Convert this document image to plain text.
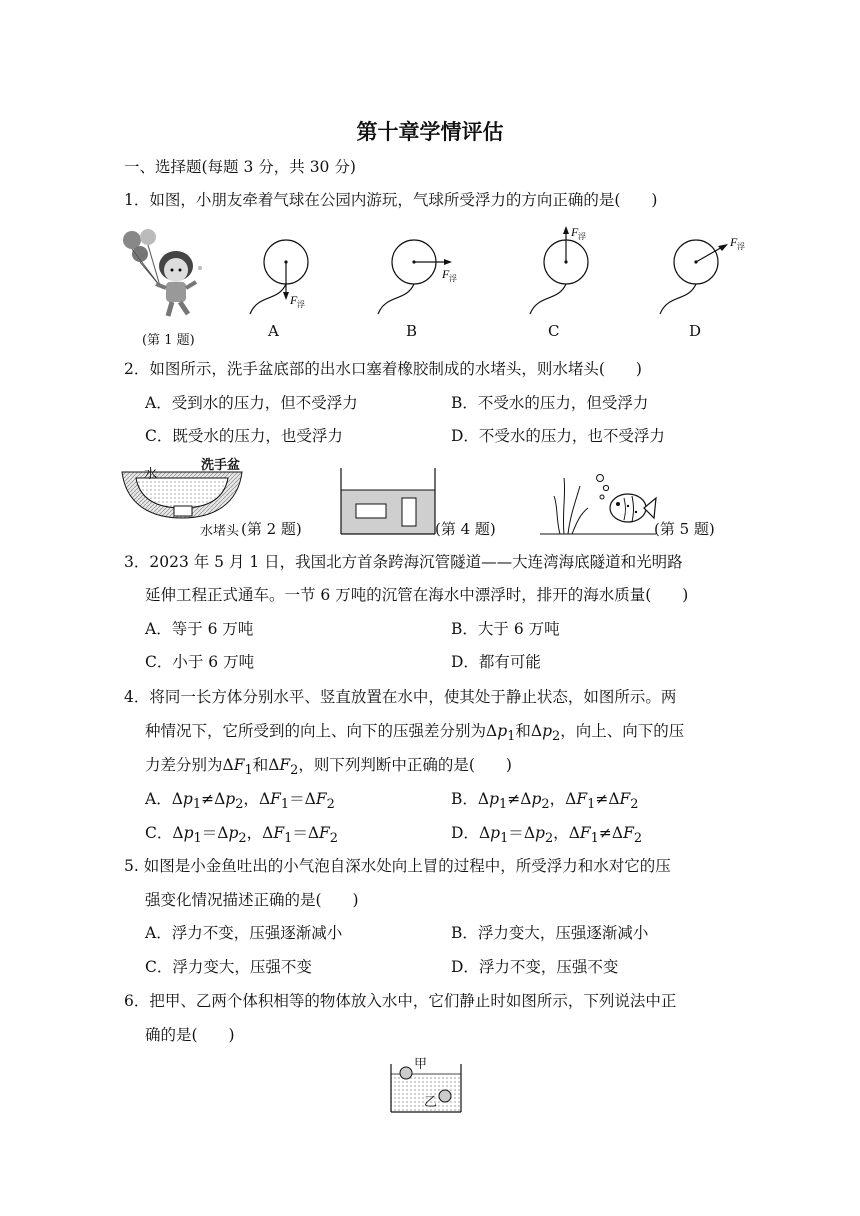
第十章学情评估
一、选择题(每题 3 分，共 30 分)
1．如图，小朋友牵着气球在公园内游玩，气球所受浮力的方向正确的是(　　)
(第 1 题)
F 浮
A
F 浮
B
F 浮
C
F 浮
D
2．如图所示，洗手盆底部的出水口塞着橡胶制成的水堵头，则水堵头(　　)
A．受到水的压力，但不受浮力	B．不受水的压力，但受浮力
C．既受水的压力，也受浮力	D．不受水的压力，也不受浮力
水
洗手盆
水堵头 (第 2 题)	(第 4 题)	(第 5 题)
3．2023 年 5 月 1 日，我国北方首条跨海沉管隧道——大连湾海底隧道和光明路
延伸工程正式通车。一节 6 万吨的沉管在海水中漂浮时，排开的海水质量(　　)
A．等于 6 万吨	B．大于 6 万吨
C．小于 6 万吨	D．都有可能
4．将同一长方体分别水平、竖直放置在水中，使其处于静止状态，如图所示。两
种情况下，它所受到的向上、向下的压强差分别为$\Delta p_1$和$\Delta p_2$，向上、向下的压
力差分别为$\Delta F_1$和$\Delta F_2$，则下列判断中正确的是(　　)
A．$\Delta p_1\ne\Delta p_2$，$\Delta F_1=\Delta F_2$	B．$\Delta p_1\ne\Delta p_2$，$\Delta F_1\ne\Delta F_2$
C．$\Delta p_1=\Delta p_2$，$\Delta F_1=\Delta F_2$	D．$\Delta p_1=\Delta p_2$，$\Delta F_1\ne\Delta F_2$
5. 如图是小金鱼吐出的小气泡自深水处向上冒的过程中，所受浮力和水对它的压
强变化情况描述正确的是(　　)
A．浮力不变，压强逐渐减小	B．浮力变大，压强逐渐减小
C．浮力变大，压强不变	D．浮力不变，压强不变
6．把甲、乙两个体积相等的物体放入水中，它们静止时如图所示，下列说法中正
确的是(　　)
甲
乙
